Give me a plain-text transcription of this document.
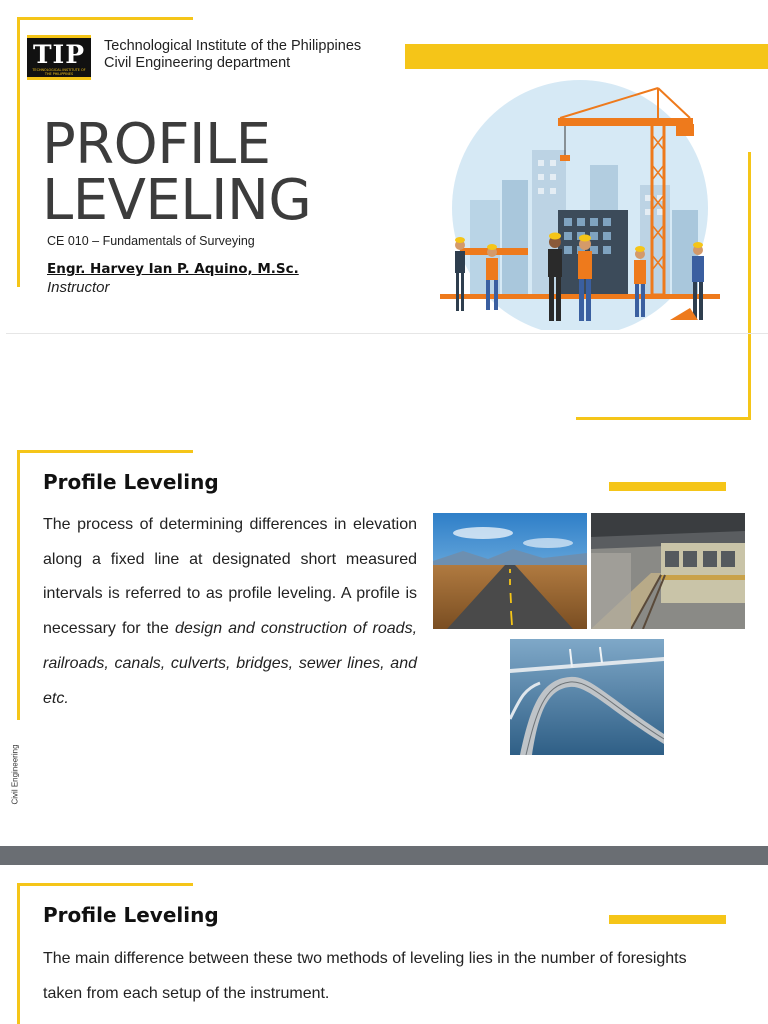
TIP
TECHNOLOGICAL INSTITUTE OF THE PHILIPPINES
Technological Institute of the Philippines
Civil Engineering department
PROFILE
LEVELING
CE 010 – Fundamentals of Surveying
Engr. Harvey Ian P. Aquino, M.Sc.
Instructor
Profile Leveling
The process of determining differences in elevation along a fixed line at designated short measured intervals is referred to as profile leveling. A profile is necessary for the design and construction of roads, railroads, canals, culverts, bridges, sewer lines, and etc.
Civil Engineering
Profile Leveling
The main difference between these two methods of leveling lies in the number of foresights taken from each setup of the instrument.
